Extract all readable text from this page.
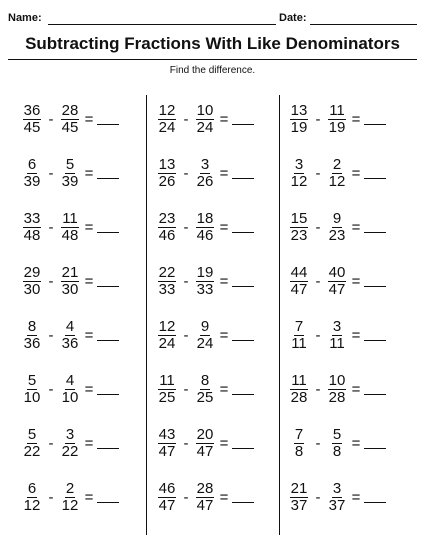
Name:	Date:
Subtracting Fractions With Like Denominators
Find the difference.
$\frac{36}{45} - \frac{28}{45}$ =
$\frac{6}{39} - \frac{5}{39}$ =
$\frac{33}{48} - \frac{11}{48}$ =
$\frac{29}{30} - \frac{21}{30}$ =
$\frac{8}{36} - \frac{4}{36}$ =
$\frac{5}{10} - \frac{4}{10}$ =
$\frac{5}{22} - \frac{3}{22}$ =
$\frac{6}{12} - \frac{2}{12}$ =
$\frac{12}{24} - \frac{10}{24}$ =
$\frac{13}{26} - \frac{3}{26}$ =
$\frac{23}{46} - \frac{18}{46}$ =
$\frac{22}{33} - \frac{19}{33}$ =
$\frac{12}{24} - \frac{9}{24}$ =
$\frac{11}{25} - \frac{8}{25}$ =
$\frac{43}{47} - \frac{20}{47}$ =
$\frac{46}{47} - \frac{28}{47}$ =
$\frac{13}{19} - \frac{11}{19}$ =
$\frac{3}{12} - \frac{2}{12}$ =
$\frac{15}{23} - \frac{9}{23}$ =
$\frac{44}{47} - \frac{40}{47}$ =
$\frac{7}{11} - \frac{3}{11}$ =
$\frac{11}{28} - \frac{10}{28}$ =
$\frac{7}{8} - \frac{5}{8}$ =
$\frac{21}{37} - \frac{3}{37}$ =
